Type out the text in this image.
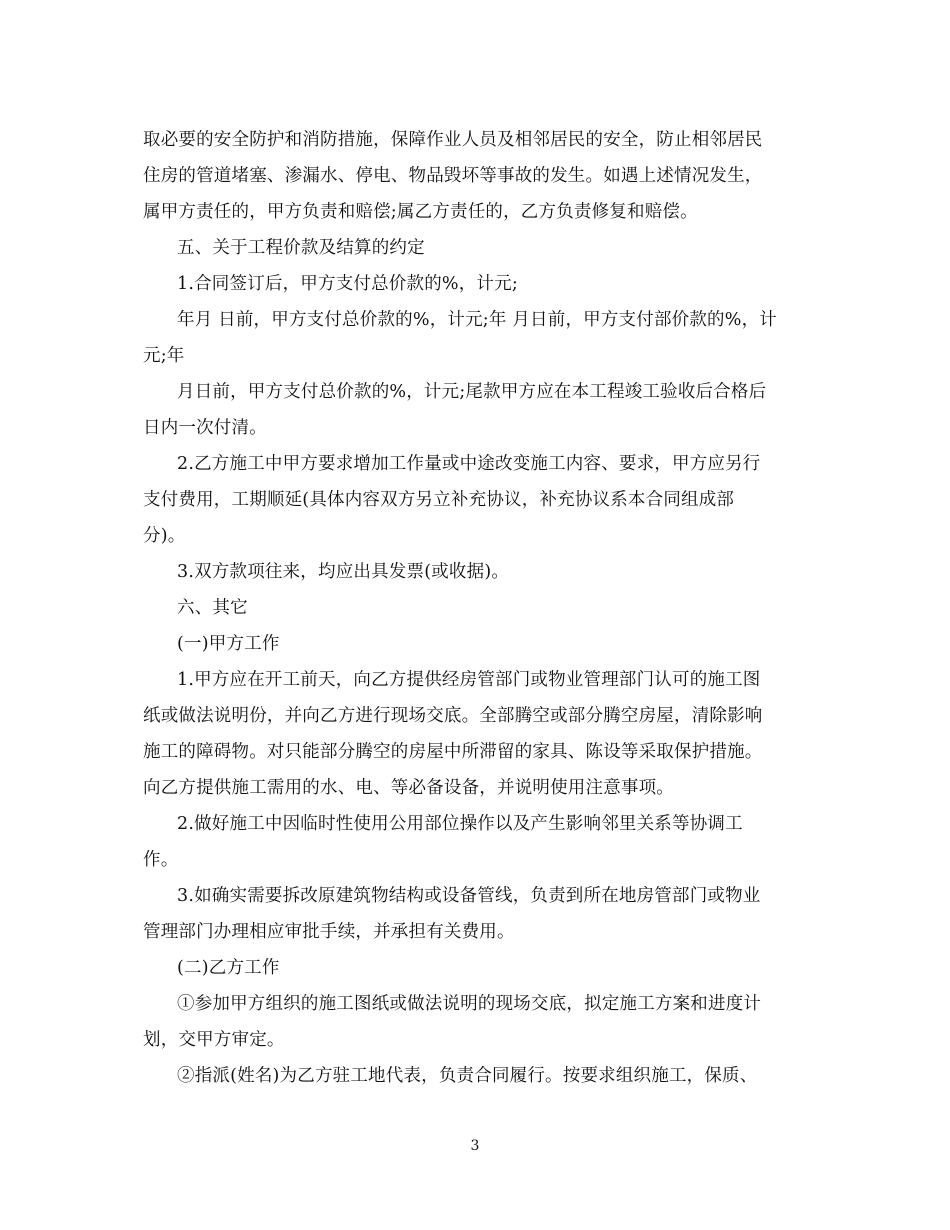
取必要的安全防护和消防措施，保障作业人员及相邻居民的安全，防止相邻居民
住房的管道堵塞、渗漏水、停电、物品毁坏等事故的发生。如遇上述情况发生，
属甲方责任的，甲方负责和赔偿;属乙方责任的，乙方负责修复和赔偿。
五、关于工程价款及结算的约定
1.合同签订后，甲方支付总价款的%，计元;
年月 日前，甲方支付总价款的%，计元;年 月日前，甲方支付部价款的%，计
元;年
月日前，甲方支付总价款的%，计元;尾款甲方应在本工程竣工验收后合格后
日内一次付清。
2.乙方施工中甲方要求增加工作量或中途改变施工内容、要求，甲方应另行
支付费用，工期顺延(具体内容双方另立补充协议，补充协议系本合同组成部
分)。
3.双方款项往来，均应出具发票(或收据)。
六、其它
(一)甲方工作
1.甲方应在开工前天，向乙方提供经房管部门或物业管理部门认可的施工图
纸或做法说明份，并向乙方进行现场交底。全部腾空或部分腾空房屋，清除影响
施工的障碍物。对只能部分腾空的房屋中所滞留的家具、陈设等采取保护措施。
向乙方提供施工需用的水、电、等必备设备，并说明使用注意事项。
2.做好施工中因临时性使用公用部位操作以及产生影响邻里关系等协调工
作。
3.如确实需要拆改原建筑物结构或设备管线，负责到所在地房管部门或物业
管理部门办理相应审批手续，并承担有关费用。
(二)乙方工作
①参加甲方组织的施工图纸或做法说明的现场交底，拟定施工方案和进度计
划，交甲方审定。
②指派(姓名)为乙方驻工地代表，负责合同履行。按要求组织施工，保质、
3
